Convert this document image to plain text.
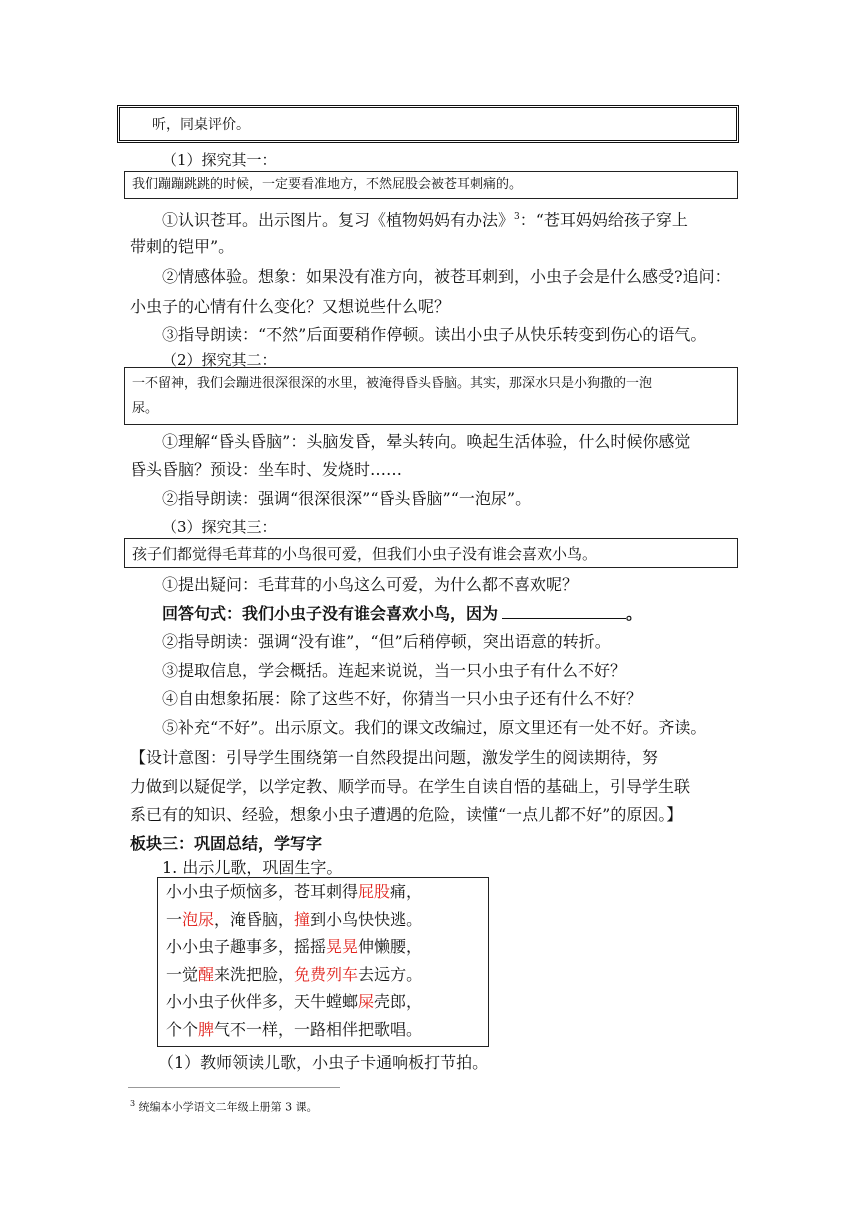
听，同桌评价。
（1）探究其一：
我们蹦蹦跳跳的时候，一定要看准地方，不然屁股会被苍耳刺痛的。
①认识苍耳。出示图片。复习《植物妈妈有办法》$^3$：“苍耳妈妈给孩子穿上
带刺的铠甲”。
②情感体验。想象：如果没有准方向，被苍耳刺到，小虫子会是什么感受?追问：
小虫子的心情有什么变化？又想说些什么呢？
③指导朗读：“不然”后面要稍作停顿。读出小虫子从快乐转变到伤心的语气。
（2）探究其二：
一不留神，我们会蹦进很深很深的水里，被淹得昏头昏脑。其实，那深水只是小狗撒的一泡
尿。
①理解“昏头昏脑”：头脑发昏，晕头转向。唤起生活体验，什么时候你感觉
昏头昏脑？预设：坐车时、发烧时……
②指导朗读：强调“很深很深”“昏头昏脑”“一泡尿”。
（3）探究其三：
孩子们都觉得毛茸茸的小鸟很可爱，但我们小虫子没有谁会喜欢小鸟。
①提出疑问：毛茸茸的小鸟这么可爱，为什么都不喜欢呢？
回答句式：我们小虫子没有谁会喜欢小鸟，因为	。
②指导朗读：强调“没有谁”，“但”后稍停顿，突出语意的转折。
③提取信息，学会概括。连起来说说，当一只小虫子有什么不好？
④自由想象拓展：除了这些不好，你猜当一只小虫子还有什么不好？
⑤补充“不好”。出示原文。我们的课文改编过，原文里还有一处不好。齐读。
【设计意图：引导学生围绕第一自然段提出问题，激发学生的阅读期待，努
力做到以疑促学，以学定教、顺学而导。在学生自读自悟的基础上，引导学生联
系已有的知识、经验，想象小虫子遭遇的危险，读懂“一点儿都不好”的原因。】
板块三：巩固总结，学写字
1. 出示儿歌，巩固生字。
小小虫子烦恼多，苍耳刺得屁股痛，
一泡尿，淹昏脑，撞到小鸟快快逃。
小小虫子趣事多，摇摇晃晃伸懒腰，
一觉醒来洗把脸，免费列车去远方。
小小虫子伙伴多，天牛螳螂屎壳郎，
个个脾气不一样，一路相伴把歌唱。
（1）教师领读儿歌，小虫子卡通响板打节拍。
$^3$ 统编本小学语文二年级上册第 3 课。
